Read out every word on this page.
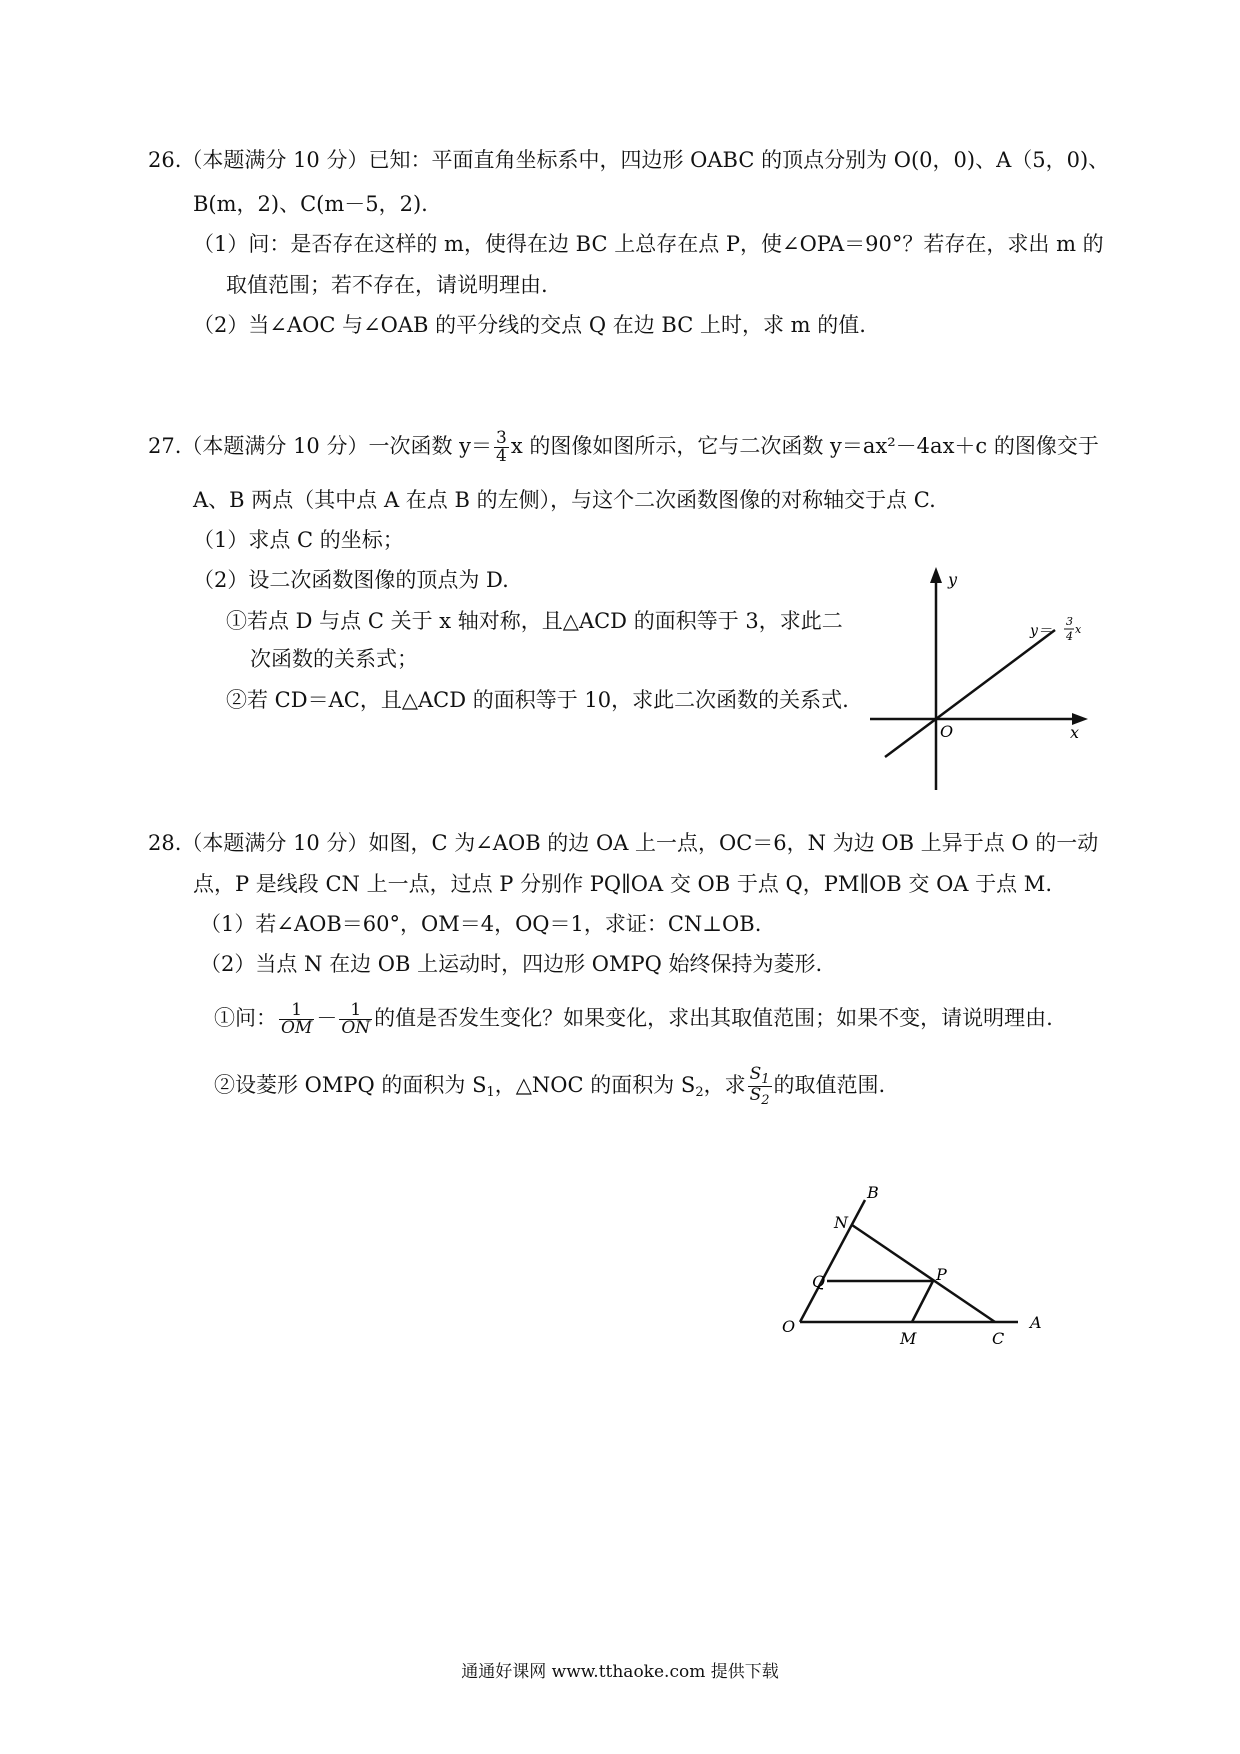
26.（本题满分 10 分）已知：平面直角坐标系中，四边形 OABC 的顶点分别为 O(0，0)、A（5，0)、
B(m，2)、C(m－5，2).
（1）问：是否存在这样的 m，使得在边 BC 上总存在点 P，使∠OPA＝90°？若存在，求出 m 的
取值范围；若不存在，请说明理由.
（2）当∠AOC 与∠OAB 的平分线的交点 Q 在边 BC 上时，求 m 的值.
27.（本题满分 10 分）一次函数 $y= \frac{3}{4}$ x 的图像如图所示，它与二次函数 y＝ax²－4ax＋c 的图像交于
A、B 两点（其中点 A 在点 B 的左侧），与这个二次函数图像的对称轴交于点 C.
（1）求点 C 的坐标；
（2）设二次函数图像的顶点为 D.
①若点 D 与点 C 关于 x 轴对称，且△ACD 的面积等于 3，求此二
次函数的关系式；
②若 CD＝AC，且△ACD 的面积等于 10，求此二次函数的关系式.
y
x
O
y＝
3
4
x
28.（本题满分 10 分）如图，C 为∠AOB 的边 OA 上一点，OC＝6，N 为边 OB 上异于点 O 的一动
点，P 是线段 CN 上一点，过点 P 分别作 PQ∥OA 交 OB 于点 Q，PM∥OB 交 OA 于点 M.
（1）若∠AOB＝60°，OM＝4，OQ＝1，求证：CN⊥OB.
（2）当点 N 在边 OB 上运动时，四边形 OMPQ 始终保持为菱形.
①问： $\frac{1}{OM} - \frac{1}{ON}$ 的值是否发生变化？如果变化，求出其取值范围；如果不变，请说明理由.
②设菱形 OMPQ 的面积为 $S_1$，△NOC 的面积为 $S_2$，求 $\frac{S_1}{S_2}$ 的取值范围.
B
N
Q	P
O
M	C
A
通通好课网 www.tthaoke.com 提供下载
